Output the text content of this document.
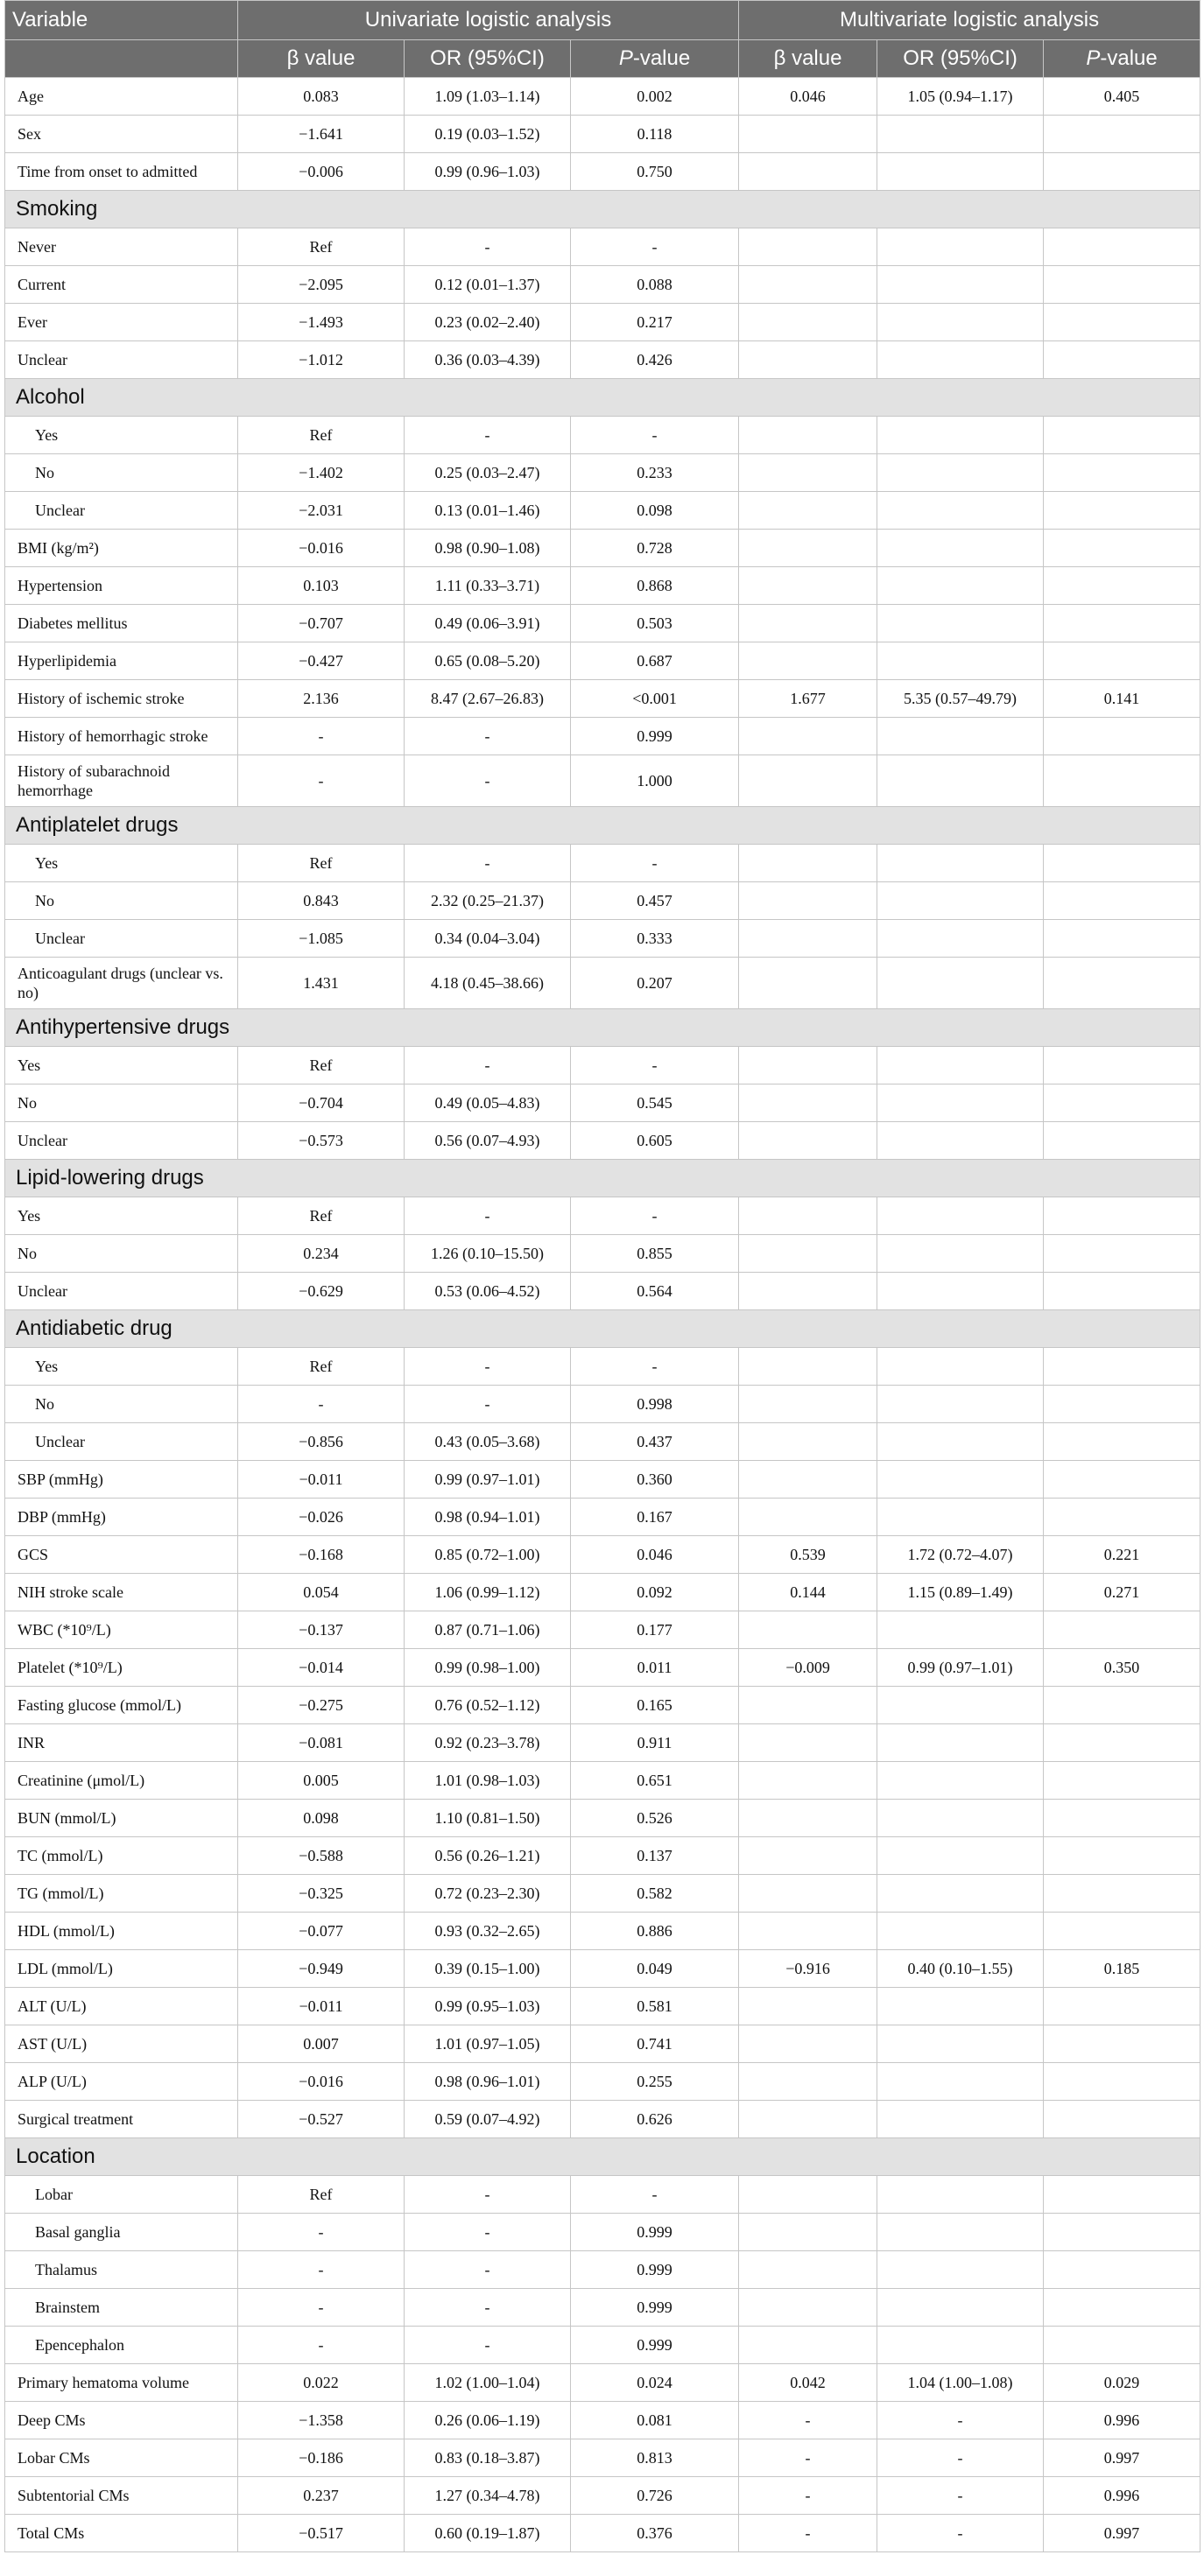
Variable	Univariate logistic analysis			Multivariate logistic analysis		
	β value	OR (95%CI)	P-value	β value	OR (95%CI)	P-value
Age	0.083	1.09 (1.03–1.14)	0.002	0.046	1.05 (0.94–1.17)	0.405
Sex	−1.641	0.19 (0.03–1.52)	0.118			
Time from onset to admitted	−0.006	0.99 (0.96–1.03)	0.750			
Smoking						
Never	Ref	-	-			
Current	−2.095	0.12 (0.01–1.37)	0.088			
Ever	−1.493	0.23 (0.02–2.40)	0.217			
Unclear	−1.012	0.36 (0.03–4.39)	0.426			
Alcohol						
Yes	Ref	-	-			
No	−1.402	0.25 (0.03–2.47)	0.233			
Unclear	−2.031	0.13 (0.01–1.46)	0.098			
BMI (kg/m²)	−0.016	0.98 (0.90–1.08)	0.728			
Hypertension	0.103	1.11 (0.33–3.71)	0.868			
Diabetes mellitus	−0.707	0.49 (0.06–3.91)	0.503			
Hyperlipidemia	−0.427	0.65 (0.08–5.20)	0.687			
History of ischemic stroke	2.136	8.47 (2.67–26.83)	<0.001	1.677	5.35 (0.57–49.79)	0.141
History of hemorrhagic stroke	-	-	0.999			
History of subarachnoid hemorrhage	-	-	1.000			
Antiplatelet drugs						
Yes	Ref	-	-			
No	0.843	2.32 (0.25–21.37)	0.457			
Unclear	−1.085	0.34 (0.04–3.04)	0.333			
Anticoagulant drugs (unclear vs. no)	1.431	4.18 (0.45–38.66)	0.207			
Antihypertensive drugs						
Yes	Ref	-	-			
No	−0.704	0.49 (0.05–4.83)	0.545			
Unclear	−0.573	0.56 (0.07–4.93)	0.605			
Lipid-lowering drugs						
Yes	Ref	-	-			
No	0.234	1.26 (0.10–15.50)	0.855			
Unclear	−0.629	0.53 (0.06–4.52)	0.564			
Antidiabetic drug						
Yes	Ref	-	-			
No	-	-	0.998			
Unclear	−0.856	0.43 (0.05–3.68)	0.437			
SBP (mmHg)	−0.011	0.99 (0.97–1.01)	0.360			
DBP (mmHg)	−0.026	0.98 (0.94–1.01)	0.167			
GCS	−0.168	0.85 (0.72–1.00)	0.046	0.539	1.72 (0.72–4.07)	0.221
NIH stroke scale	0.054	1.06 (0.99–1.12)	0.092	0.144	1.15 (0.89–1.49)	0.271
WBC (*10⁹/L)	−0.137	0.87 (0.71–1.06)	0.177			
Platelet (*10⁹/L)	−0.014	0.99 (0.98–1.00)	0.011	−0.009	0.99 (0.97–1.01)	0.350
Fasting glucose (mmol/L)	−0.275	0.76 (0.52–1.12)	0.165			
INR	−0.081	0.92 (0.23–3.78)	0.911			
Creatinine (μmol/L)	0.005	1.01 (0.98–1.03)	0.651			
BUN (mmol/L)	0.098	1.10 (0.81–1.50)	0.526			
TC (mmol/L)	−0.588	0.56 (0.26–1.21)	0.137			
TG (mmol/L)	−0.325	0.72 (0.23–2.30)	0.582			
HDL (mmol/L)	−0.077	0.93 (0.32–2.65)	0.886			
LDL (mmol/L)	−0.949	0.39 (0.15–1.00)	0.049	−0.916	0.40 (0.10–1.55)	0.185
ALT (U/L)	−0.011	0.99 (0.95–1.03)	0.581			
AST (U/L)	0.007	1.01 (0.97–1.05)	0.741			
ALP (U/L)	−0.016	0.98 (0.96–1.01)	0.255			
Surgical treatment	−0.527	0.59 (0.07–4.92)	0.626			
Location						
Lobar	Ref	-	-			
Basal ganglia	-	-	0.999			
Thalamus	-	-	0.999			
Brainstem	-	-	0.999			
Epencephalon	-	-	0.999			
Primary hematoma volume	0.022	1.02 (1.00–1.04)	0.024	0.042	1.04 (1.00–1.08)	0.029
Deep CMs	−1.358	0.26 (0.06–1.19)	0.081	-	-	0.996
Lobar CMs	−0.186	0.83 (0.18–3.87)	0.813	-	-	0.997
Subtentorial CMs	0.237	1.27 (0.34–4.78)	0.726	-	-	0.996
Total CMs	−0.517	0.60 (0.19–1.87)	0.376	-	-	0.997
